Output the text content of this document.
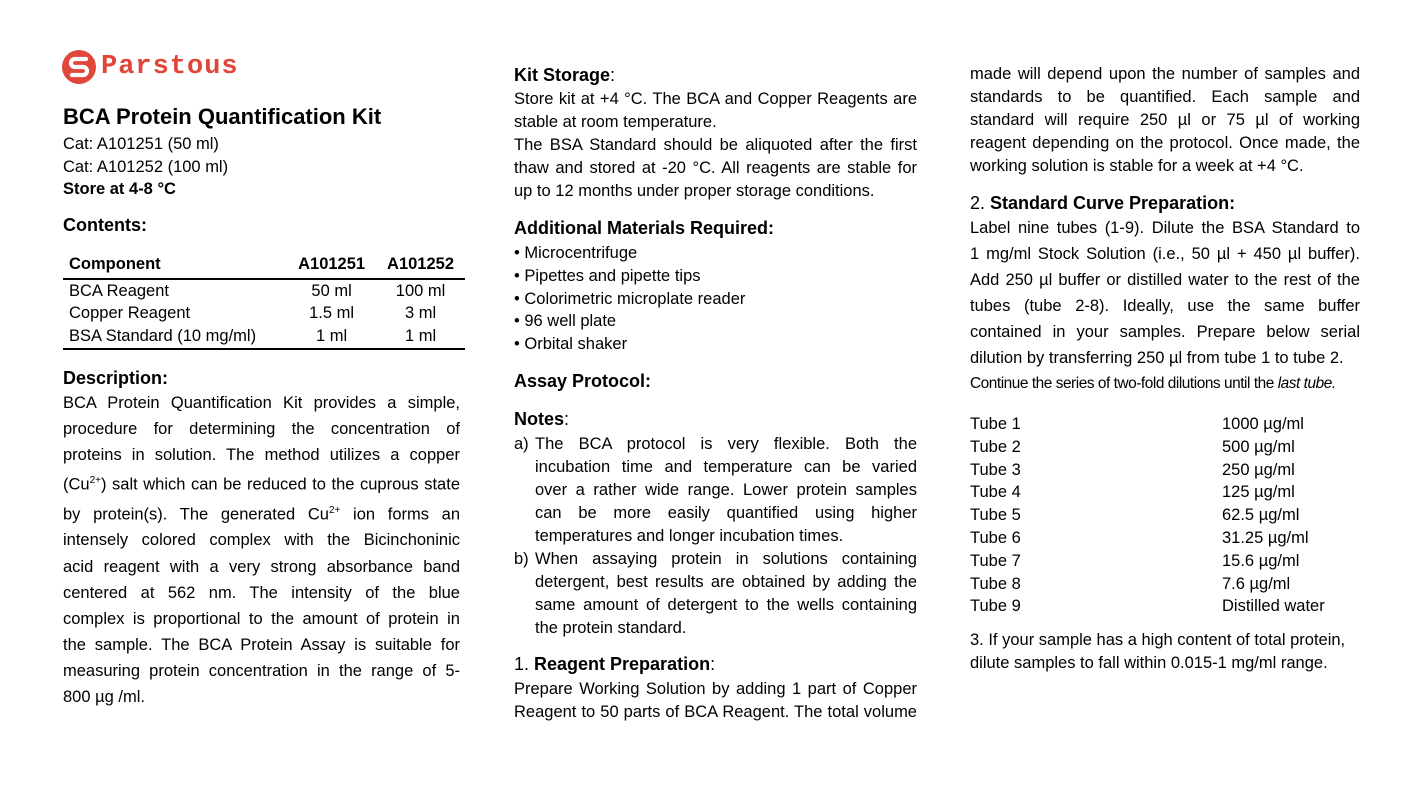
Parstous
BCA Protein Quantification Kit
Cat: A101251 (50 ml)
Cat: A101252 (100 ml)
Store at 4-8 °C
Contents:
Component	A101251	A101252
BCA Reagent	50 ml	100 ml
Copper Reagent	1.5 ml	3 ml
BSA Standard (10 mg/ml)	1 ml	1 ml
Description:
BCA Protein Quantification Kit provides a simple,
procedure for determining the concentration of
proteins in solution. The method utilizes a copper
$(Cu^{2+})$ salt which can be reduced to the cuprous state
by protein(s). The generated $Cu^{2+}$ ion forms an
intensely colored complex with the Bicinchoninic
acid reagent with a very strong absorbance band
centered at 562 nm. The intensity of the blue
complex is proportional to the amount of protein in
the sample. The BCA Protein Assay is suitable for
measuring protein concentration in the range of 5-
800 µg /ml.
Kit Storage:
Store kit at +4 °C. The BCA and Copper Reagents are
stable at room temperature.
The BSA Standard should be aliquoted after the first
thaw and stored at -20 °C. All reagents are stable for
up to 12 months under proper storage conditions.
Additional Materials Required:
• Microcentrifuge
• Pipettes and pipette tips
• Colorimetric microplate reader
• 96 well plate
• Orbital shaker
Assay Protocol:
Notes:
a) The BCA protocol is very flexible. Both the
incubation time and temperature can be varied
over a rather wide range. Lower protein samples
can be more easily quantified using higher
temperatures and longer incubation times.
b) When assaying protein in solutions containing
detergent, best results are obtained by adding the
same amount of detergent to the wells containing
the protein standard.
1. Reagent Preparation:
Prepare Working Solution by adding 1 part of Copper
Reagent to 50 parts of BCA Reagent. The total volume
made will depend upon the number of samples and
standards to be quantified. Each sample and
standard will require 250 µl or 75 µl of working
reagent depending on the protocol. Once made, the
working solution is stable for a week at +4 °C.
2. Standard Curve Preparation:
Label nine tubes (1-9). Dilute the BSA Standard to
1 mg/ml Stock Solution (i.e., 50 µl + 450 µl buffer).
Add 250 µl buffer or distilled water to the rest of the
tubes (tube 2-8). Ideally, use the same buffer
contained in your samples. Prepare below serial
dilution by transferring 250 µl from tube 1 to tube 2.
Continue the series of two-fold dilutions until the last tube.
Tube 1	1000 µg/ml
Tube 2	500 µg/ml
Tube 3	250 µg/ml
Tube 4	125 µg/ml
Tube 5	62.5 µg/ml
Tube 6	31.25 µg/ml
Tube 7	15.6 µg/ml
Tube 8	7.6 µg/ml
Tube 9	Distilled water
3. If your sample has a high content of total protein,
dilute samples to fall within 0.015-1 mg/ml range.
